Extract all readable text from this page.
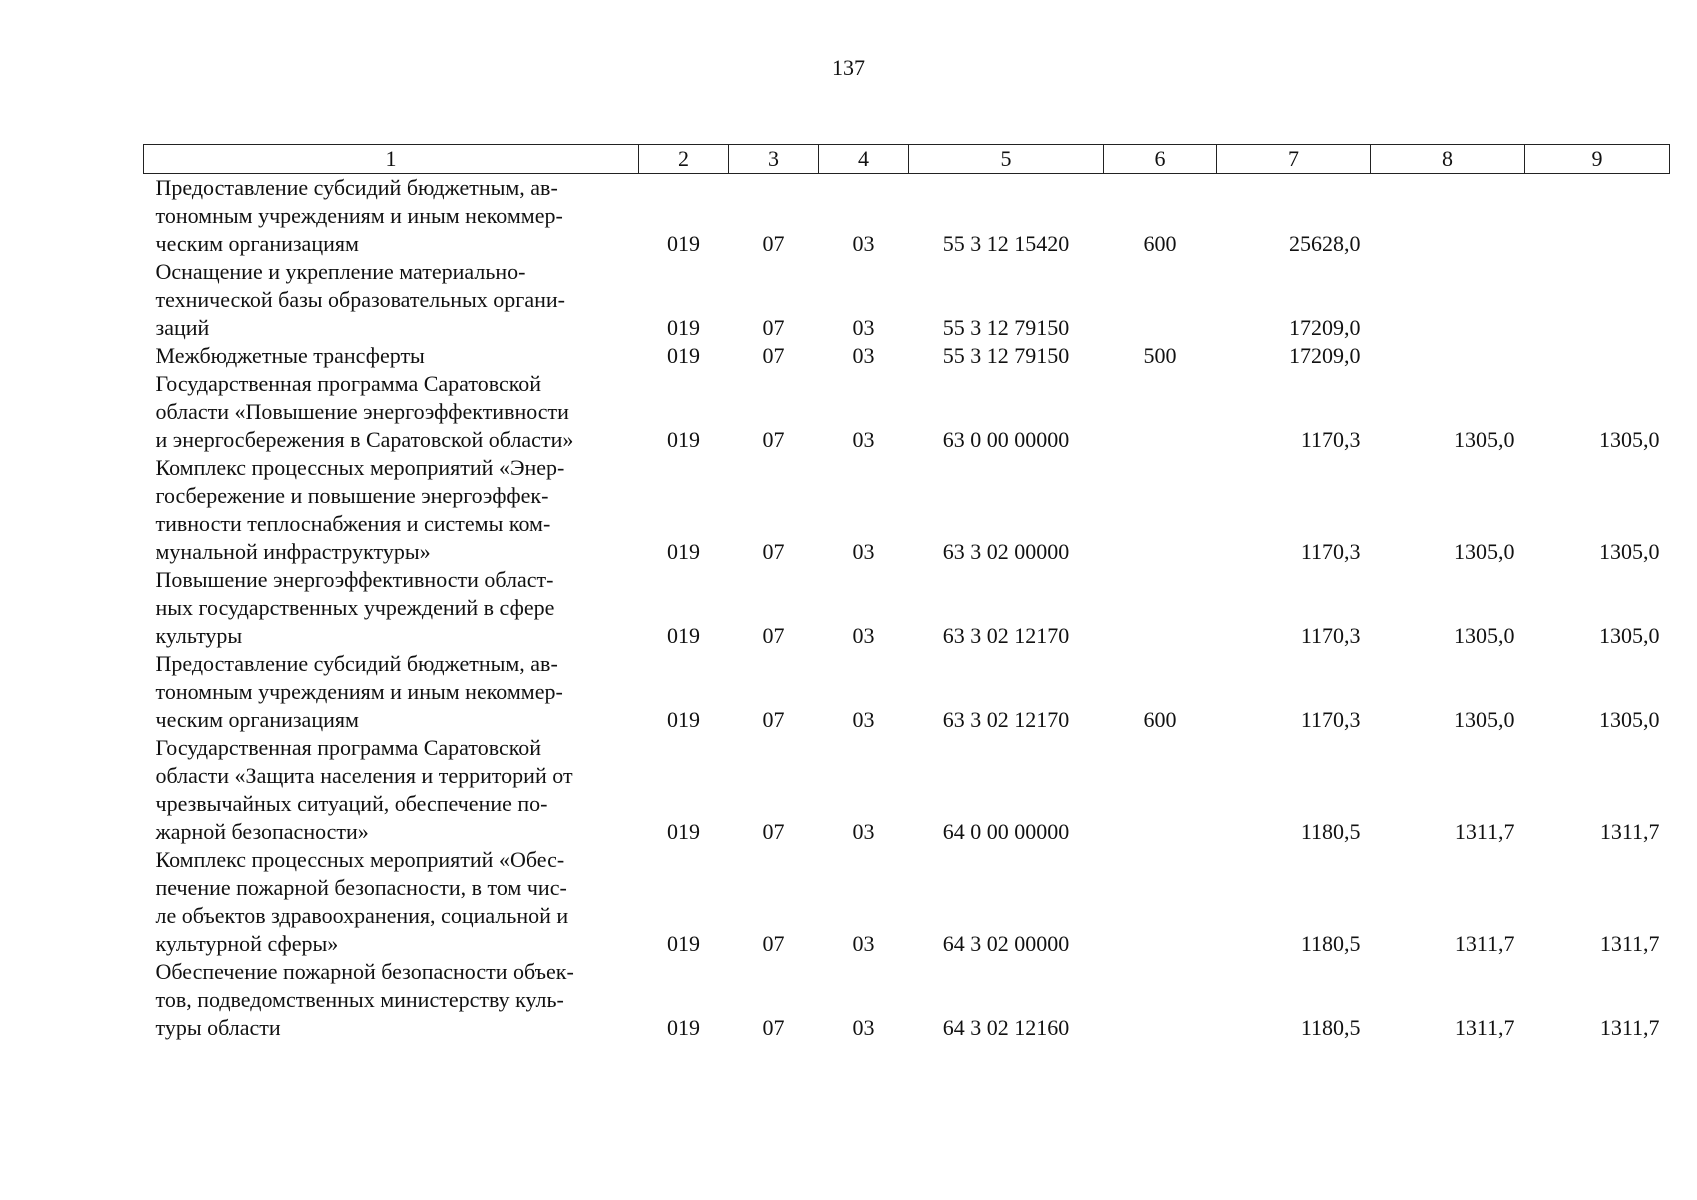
137
1	2	3	4	5	6	7	8	9
Предоставление субсидий бюджетным, ав-
тономным учреждениям и иным некоммер-
ческим организациям	019	07	03	55 3 12 15420	600	25628,0		
Оснащение и укрепление материально-
технической базы образовательных органи-
заций	019	07	03	55 3 12 79150		17209,0		
Межбюджетные трансферты	019	07	03	55 3 12 79150	500	17209,0		
Государственная программа Саратовской
области «Повышение энергоэффективности
и энергосбережения в Саратовской области»	019	07	03	63 0 00 00000		1170,3	1305,0	1305,0
Комплекс процессных мероприятий «Энер-
госбережение и повышение энергоэффек-
тивности теплоснабжения и системы ком-
мунальной инфраструктуры»	019	07	03	63 3 02 00000		1170,3	1305,0	1305,0
Повышение энергоэффективности област-
ных государственных учреждений в сфере
культуры	019	07	03	63 3 02 12170		1170,3	1305,0	1305,0
Предоставление субсидий бюджетным, ав-
тономным учреждениям и иным некоммер-
ческим организациям	019	07	03	63 3 02 12170	600	1170,3	1305,0	1305,0
Государственная программа Саратовской
области «Защита населения и территорий от
чрезвычайных ситуаций, обеспечение по-
жарной безопасности»	019	07	03	64 0 00 00000		1180,5	1311,7	1311,7
Комплекс процессных мероприятий «Обес-
печение пожарной безопасности, в том чис-
ле объектов здравоохранения, социальной и
культурной сферы»	019	07	03	64 3 02 00000		1180,5	1311,7	1311,7
Обеспечение пожарной безопасности объек-
тов, подведомственных министерству куль-
туры области	019	07	03	64 3 02 12160		1180,5	1311,7	1311,7
